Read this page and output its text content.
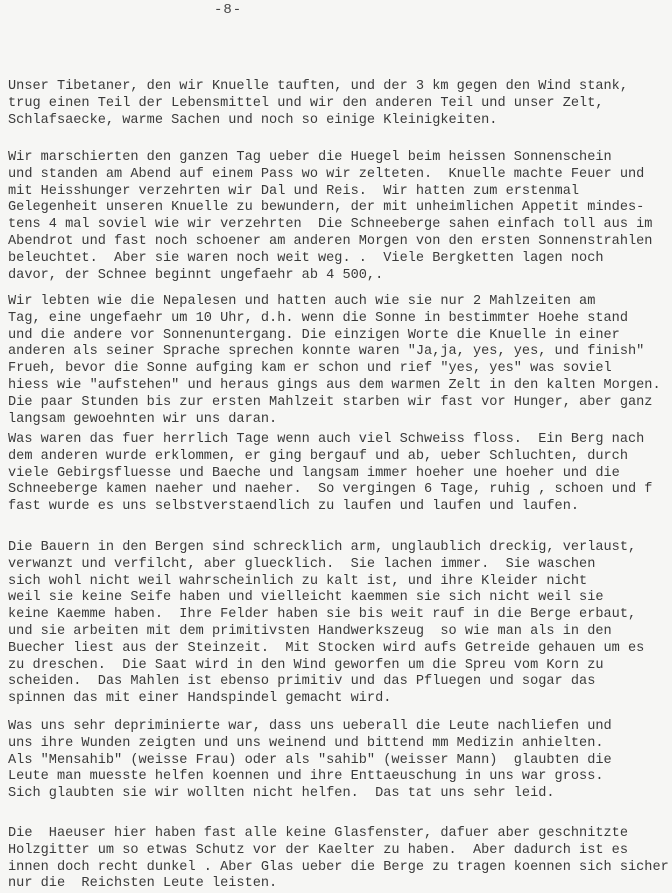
-8-
Unser Tibetaner, den wir Knuelle tauften, und der 3 km gegen den Wind stank,
trug einen Teil der Lebensmittel und wir den anderen Teil und unser Zelt,
Schlafsaecke, warme Sachen und noch so einige Kleinigkeiten.
Wir marschierten den ganzen Tag ueber die Huegel beim heissen Sonnenschein
und standen am Abend auf einem Pass wo wir zelteten.  Knuelle machte Feuer und
mit Heisshunger verzehrten wir Dal und Reis.  Wir hatten zum erstenmal
Gelegenheit unseren Knuelle zu bewundern, der mit unheimlichen Appetit mindes-
tens 4 mal soviel wie wir verzehrten  Die Schneeberge sahen einfach toll aus im
Abendrot und fast noch schoener am anderen Morgen von den ersten Sonnenstrahlen
beleuchtet.  Aber sie waren noch weit weg. .  Viele Bergketten lagen noch
davor, der Schnee beginnt ungefaehr ab 4 500,.
Wir lebten wie die Nepalesen und hatten auch wie sie nur 2 Mahlzeiten am
Tag, eine ungefaehr um 10 Uhr, d.h. wenn die Sonne in bestimmter Hoehe stand
und die andere vor Sonnenuntergang. Die einzigen Worte die Knuelle in einer
anderen als seiner Sprache sprechen konnte waren "Ja,ja, yes, yes, und finish"
Frueh, bevor die Sonne aufging kam er schon und rief "yes, yes" was soviel
hiess wie "aufstehen" und heraus gings aus dem warmen Zelt in den kalten Morgen.
Die paar Stunden bis zur ersten Mahlzeit starben wir fast vor Hunger, aber ganz
langsam gewoehnten wir uns daran.
Was waren das fuer herrlich Tage wenn auch viel Schweiss floss.  Ein Berg nach
dem anderen wurde erklommen, er ging bergauf und ab, ueber Schluchten, durch
viele Gebirgsfluesse und Baeche und langsam immer hoeher une hoeher und die
Schneeberge kamen naeher und naeher.  So vergingen 6 Tage, ruhig , schoen und f
fast wurde es uns selbstverstaendlich zu laufen und laufen und laufen.
Die Bauern in den Bergen sind schrecklich arm, unglaublich dreckig, verlaust,
verwanzt und verfilcht, aber gluecklich.  Sie lachen immer.  Sie waschen
sich wohl nicht weil wahrscheinlich zu kalt ist, und ihre Kleider nicht
weil sie keine Seife haben und vielleicht kaemmen sie sich nicht weil sie
keine Kaemme haben.  Ihre Felder haben sie bis weit rauf in die Berge erbaut,
und sie arbeiten mit dem primitivsten Handwerkszeug  so wie man als in den
Buecher liest aus der Steinzeit.  Mit Stocken wird aufs Getreide gehauen um es
zu dreschen.  Die Saat wird in den Wind geworfen um die Spreu vom Korn zu
scheiden.  Das Mahlen ist ebenso primitiv und das Pfluegen und sogar das
spinnen das mit einer Handspindel gemacht wird.
Was uns sehr depriminierte war, dass uns ueberall die Leute nachliefen und
uns ihre Wunden zeigten und uns weinend und bittend mm Medizin anhielten.
Als "Mensahib" (weisse Frau) oder als "sahib" (weisser Mann)  glaubten die
Leute man muesste helfen koennen und ihre Enttaeuschung in uns war gross.
Sich glaubten sie wir wollten nicht helfen.  Das tat uns sehr leid.
Die  Haeuser hier haben fast alle keine Glasfenster, dafuer aber geschnitzte
Holzgitter um so etwas Schutz vor der Kaelter zu haben.  Aber dadurch ist es
innen doch recht dunkel . Aber Glas ueber die Berge zu tragen koennen sich sicher
nur die  Reichsten Leute leisten.
